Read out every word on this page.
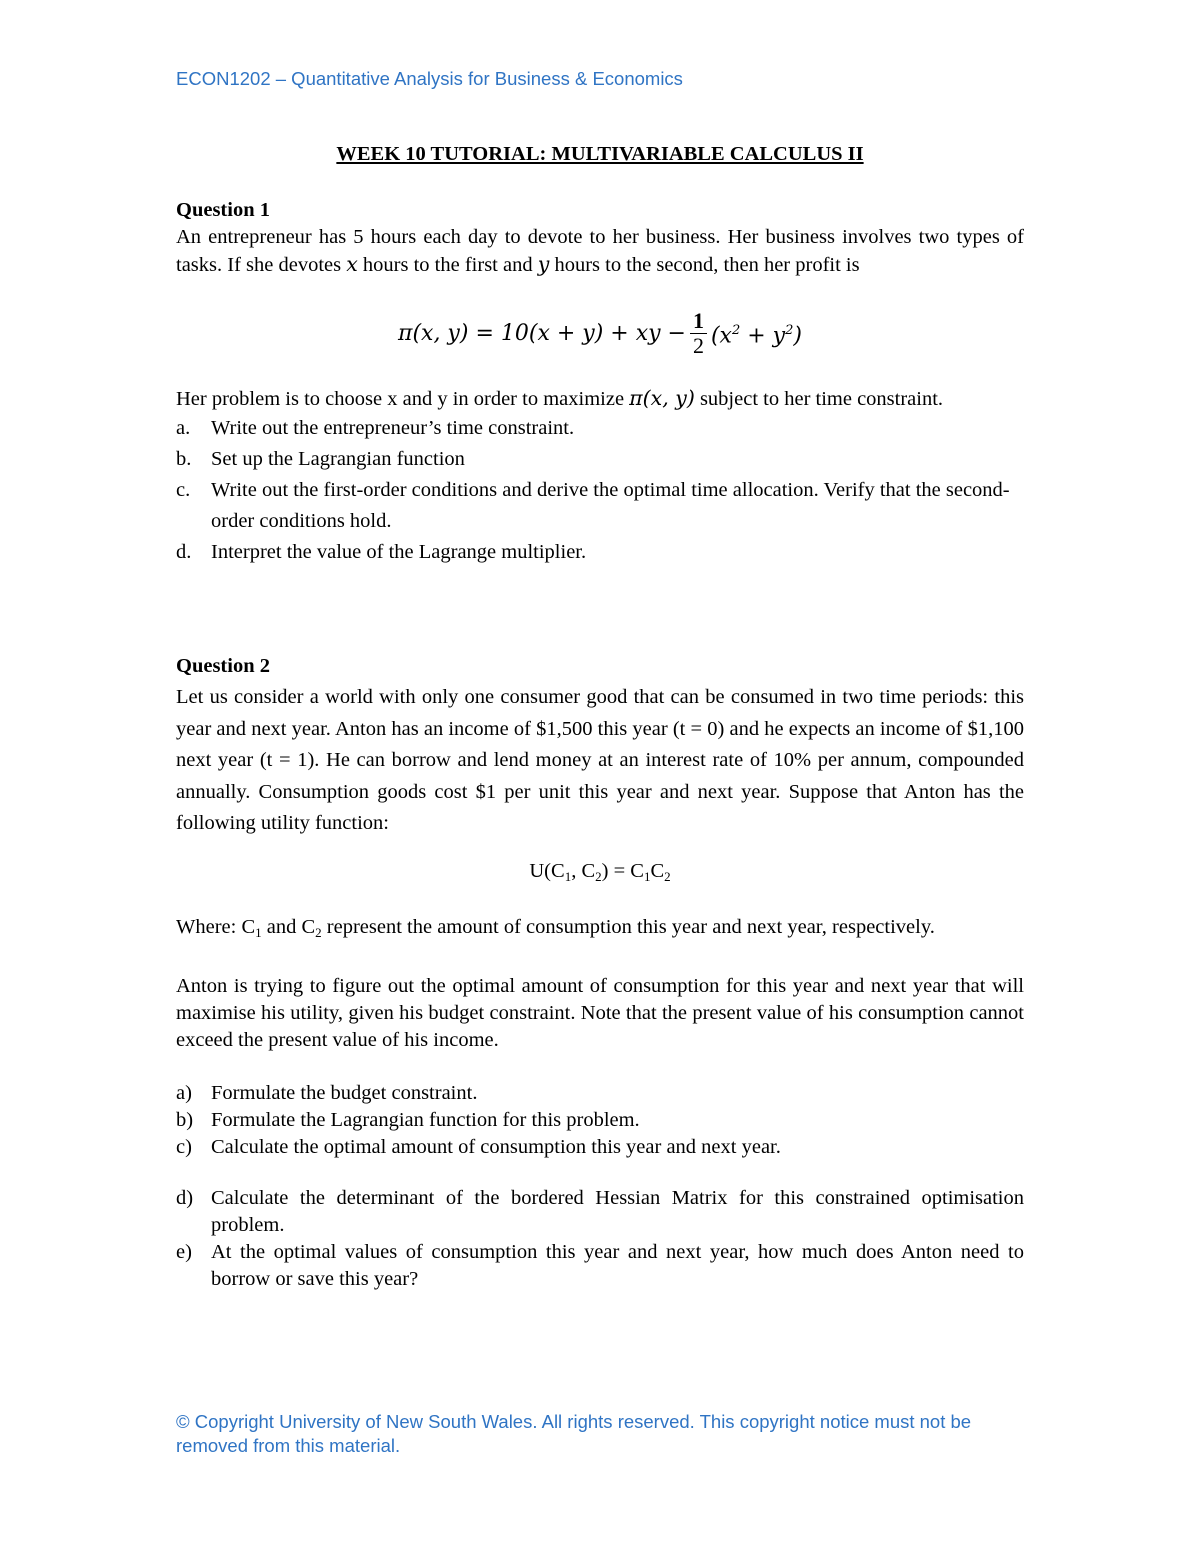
ECON1202 – Quantitative Analysis for Business & Economics
WEEK 10 TUTORIAL: MULTIVARIABLE CALCULUS II

Question 1

An entrepreneur has 5 hours each day to devote to her business. Her business involves two types of tasks. If she devotes x hours to the first and y hours to the second, then her profit is

π(x, y) = 10(x + y) + xy − $\frac{1}{2} (x^2 + y^2)$

Her problem is to choose x and y in order to maximize π(x, y) subject to her time constraint.

a.	Write out the entrepreneur’s time constraint.
b. Set up the Lagrangian function
c.	Write out the first-order conditions and derive the optimal time allocation. Verify that the second-order conditions hold.
d. Interpret the value of the Lagrange multiplier.

Question 2

Let us consider a world with only one consumer good that can be consumed in two time periods: this year and next year. Anton has an income of $1,500 this year (t = 0) and he expects an income of $1,100 next year (t = 1). He can borrow and lend money at an interest rate of 10% per annum, compounded annually. Consumption goods cost $1 per unit this year and next year. Suppose that Anton has the following utility function:

$U(C_1$, $C_2) = C_1C_2$

Where: $C_1$ and $C_2$ represent the amount of consumption this year and next year, respectively.

Anton is trying to figure out the optimal amount of consumption for this year and next year that will maximise his utility, given his budget constraint. Note that the present value of his consumption cannot exceed the present value of his income.

a) Formulate the budget constraint.
b) Formulate the Lagrangian function for this problem.
c) Calculate the optimal amount of consumption this year and next year.
d) Calculate the determinant of the bordered Hessian Matrix for this constrained optimisation problem.
e) At the optimal values of consumption this year and next year, how much does Anton need to borrow or save this year?
© Copyright University of New South Wales. All rights reserved. This copyright notice must not be removed from this material.
